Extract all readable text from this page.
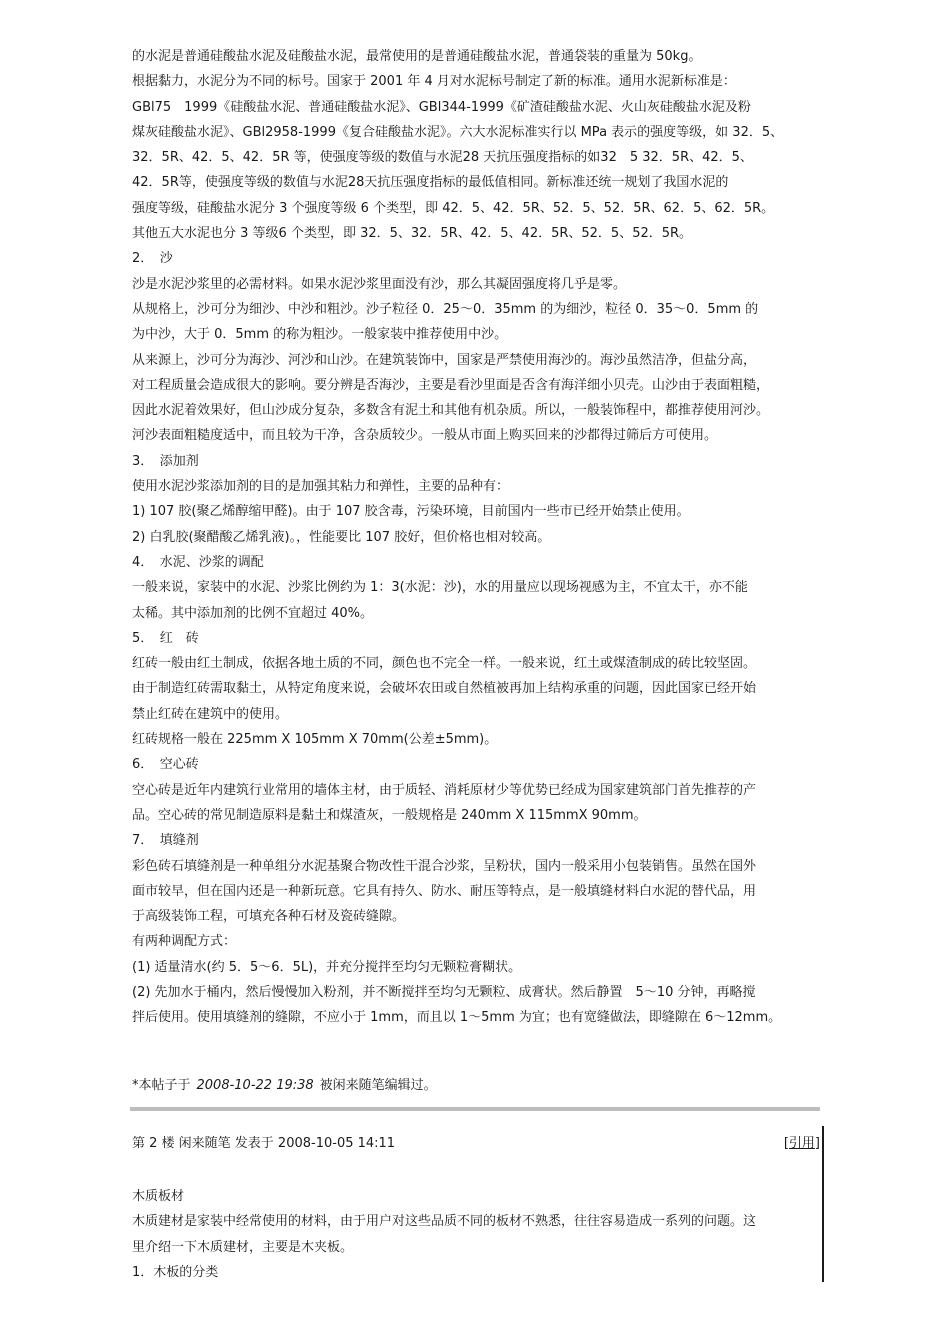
的水泥是普通硅酸盐水泥及硅酸盐水泥，最常使用的是普通硅酸盐水泥，普通袋装的重量为 50kg。

根据黏力，水泥分为不同的标号。国家于 2001 年 4 月对水泥标号制定了新的标准。通用水泥新标准是：

GBl75　1999《硅酸盐水泥、普通硅酸盐水泥》、GBl344-1999《矿渣硅酸盐水泥、火山灰硅酸盐水泥及粉

煤灰硅酸盐水泥》、GBl2958-1999《复合硅酸盐水泥》。六大水泥标准实行以 MPa 表示的强度等级，如 32．5、

32．5R、42．5、42．5R 等，使强度等级的数值与水泥28 天抗压强度指标的如32　5 32．5R、42．5、

42．5R等，使强度等级的数值与水泥28天抗压强度指标的最低值相同。新标准还统一规划了我国水泥的

强度等级，硅酸盐水泥分 3 个强度等级 6 个类型，即 42．5、42．5R、52．5、52．5R、62．5、62．5R。

其他五大水泥也分 3 等级6 个类型，即 32．5、32．5R、42．5、42．5R、52．5、52．5R。

2．　沙

沙是水泥沙浆里的必需材料。如果水泥沙浆里面没有沙，那么其凝固强度将几乎是零。

从规格上，沙可分为细沙、中沙和粗沙。沙子粒径 0．25～0．35mm 的为细沙，粒径 0．35～0．5mm 的

为中沙，大于 0．5mm 的称为粗沙。一般家装中推荐使用中沙。

从来源上，沙可分为海沙、河沙和山沙。在建筑装饰中，国家是严禁使用海沙的。海沙虽然洁净，但盐分高，

对工程质量会造成很大的影响。要分辨是否海沙，主要是看沙里面是否含有海洋细小贝壳。山沙由于表面粗糙，

因此水泥着效果好，但山沙成分复杂，多数含有泥土和其他有机杂质。所以，一般装饰程中，都推荐使用河沙。

河沙表面粗糙度适中，而且较为干净，含杂质较少。一般从市面上购买回来的沙都得过筛后方可使用。

3．　添加剂

使用水泥沙浆添加剂的目的是加强其粘力和弹性，主要的品种有：

1) 107 胶(聚乙烯醇缩甲醛)。由于 107 胶含毒，污染环境，目前国内一些市已经开始禁止使用。

2) 白乳胶(聚醋酸乙烯乳液)。，性能要比 107 胶好，但价格也相对较高。

4．　水泥、沙浆的调配

一般来说，家装中的水泥、沙浆比例约为 1：3(水泥：沙)，水的用量应以现场视感为主，不宜太干，亦不能

太稀。其中添加剂的比例不宜超过 40%。

5．　红　砖

红砖一般由红土制成，依据各地土质的不同，颜色也不完全一样。一般来说，红土或煤渣制成的砖比较坚固。

由于制造红砖需取黏土，从特定角度来说，会破坏农田或自然植被再加上结构承重的问题，因此国家已经开始

禁止红砖在建筑中的使用。

红砖规格一般在 225mm X 105mm X 70mm(公差±5mm)。

6．　空心砖

空心砖是近年内建筑行业常用的墙体主材，由于质轻、消耗原材少等优势已经成为国家建筑部门首先推荐的产

品。空心砖的常见制造原料是黏土和煤渣灰，一般规格是 240mm X 115mmX 90mm。

7．　填缝剂

彩色砖石填缝剂是一种单组分水泥基聚合物改性干混合沙浆，呈粉状，国内一般采用小包装销售。虽然在国外

面市较早，但在国内还是一种新玩意。它具有持久、防水、耐压等特点，是一般填缝材料白水泥的替代品，用

于高级装饰工程，可填充各种石材及瓷砖缝隙。

有两种调配方式：

(1) 适量清水(约 5．5～6．5L)，并充分搅拌至均匀无颗粒膏糊状。

(2) 先加水于桶内，然后慢慢加入粉剂，并不断搅拌至均匀无颗粒、成膏状。然后静置　5～10 分钟，再略搅

拌后使用。使用填缝剂的缝隙，不应小于 1mm，而且以 1～5mm 为宜；也有宽缝做法，即缝隙在 6～12mm。

*本帖子于 2008-10-22 19:38 被闲来随笔编辑过。
第 2 楼 闲来随笔 发表于 2008-10-05 14:11	[引用]

木质板材

木质建材是家装中经常使用的材料，由于用户对这些品质不同的板材不熟悉，往往容易造成一系列的问题。这

里介绍一下木质建材，主要是木夹板。

1．木板的分类
